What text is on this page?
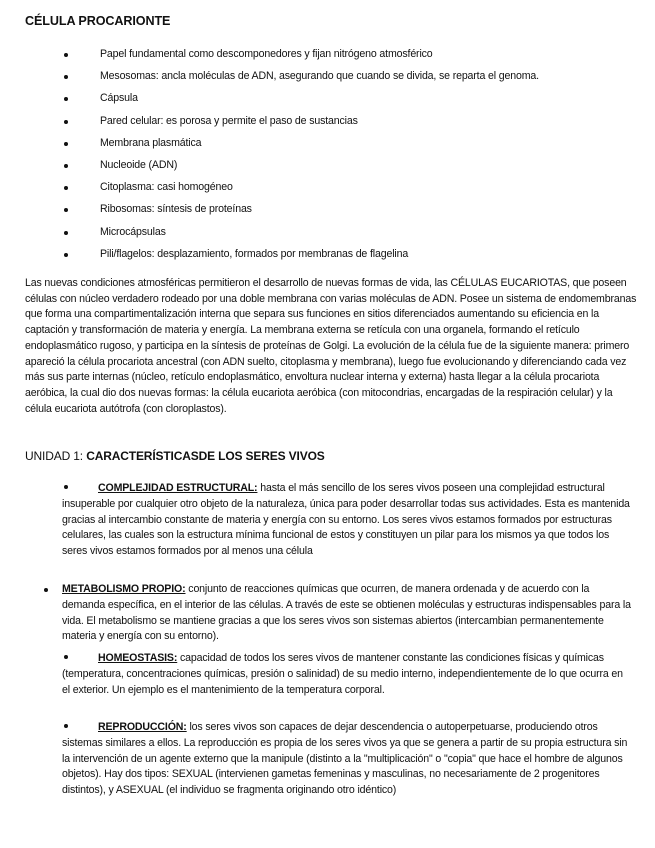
CÉLULA PROCARIONTE
Papel fundamental como descomponedores y fijan nitrógeno atmosférico
Mesosomas: ancla moléculas de ADN, asegurando que cuando se divida, se reparta el genoma.
Cápsula
Pared celular: es porosa y permite el paso de sustancias
Membrana plasmática
Nucleoide (ADN)
Citoplasma: casi homogéneo
Ribosomas: síntesis de proteínas
Microcápsulas
Pili/flagelos: desplazamiento, formados por membranas de flagelina
Las nuevas condiciones atmosféricas permitieron el desarrollo de nuevas formas de vida, las CÉLULAS EUCARIOTAS, que poseen células con núcleo verdadero rodeado por una doble membrana con varias moléculas de ADN. Posee un sistema de endomembranas que forma una compartimentalización interna que separa sus funciones en sitios diferenciados aumentando su eficiencia en la captación y transformación de materia y energía. La membrana externa se retícula con una organela, formando el retículo endoplasmático rugoso, y participa en la síntesis de proteínas de Golgi. La evolución de la célula fue de la siguiente manera: primero apareció la célula procariota ancestral (con ADN suelto, citoplasma y membrana), luego fue evolucionando y diferenciando cada vez más sus parte internas (núcleo, retículo endoplasmático, envoltura nuclear interna y externa) hasta llegar a la célula procariota aeróbica, la cual dio dos nuevas formas: la célula eucariota aeróbica (con mitocondrias, encargadas de la respiración celular) y la célula eucariota autótrofa (con cloroplastos).
UNIDAD 1: CARACTERÍSTICASDE LOS SERES VIVOS
COMPLEJIDAD ESTRUCTURAL: hasta el más sencillo de los seres vivos poseen una complejidad estructural insuperable por cualquier otro objeto de la naturaleza, única para poder desarrollar todas sus actividades. Esta es mantenida gracias al intercambio constante de materia y energía con su entorno. Los seres vivos estamos formados por estructuras celulares, las cuales son la estructura mínima funcional de estos y constituyen un pilar para los mismos ya que todos los seres vivos estamos formados por al menos una célula
METABOLISMO PROPIO: conjunto de reacciones químicas que ocurren, de manera ordenada y de acuerdo con la demanda específica, en el interior de las células. A través de este se obtienen moléculas y estructuras indispensables para la vida. El metabolismo se mantiene gracias a que los seres vivos son sistemas abiertos (intercambian permanentemente materia y energía con su entorno).
HOMEOSTASIS: capacidad de todos los seres vivos de mantener constante las condiciones físicas y químicas (temperatura, concentraciones químicas, presión o salinidad) de su medio interno, independientemente de lo que ocurra en el exterior. Un ejemplo es el mantenimiento de la temperatura corporal.
REPRODUCCIÓN: los seres vivos son capaces de dejar descendencia o autoperpetuarse, produciendo otros sistemas similares a ellos. La reproducción es propia de los seres vivos ya que se genera a partir de su propia estructura sin la intervención de un agente externo que la manipule (distinto a la "multiplicación" o "copia" que hace el hombre de algunos objetos). Hay dos tipos: SEXUAL (intervienen gametas femeninas y masculinas, no necesariamente de 2 progenitores distintos), y ASEXUAL (el individuo se fragmenta originando otro idéntico)
